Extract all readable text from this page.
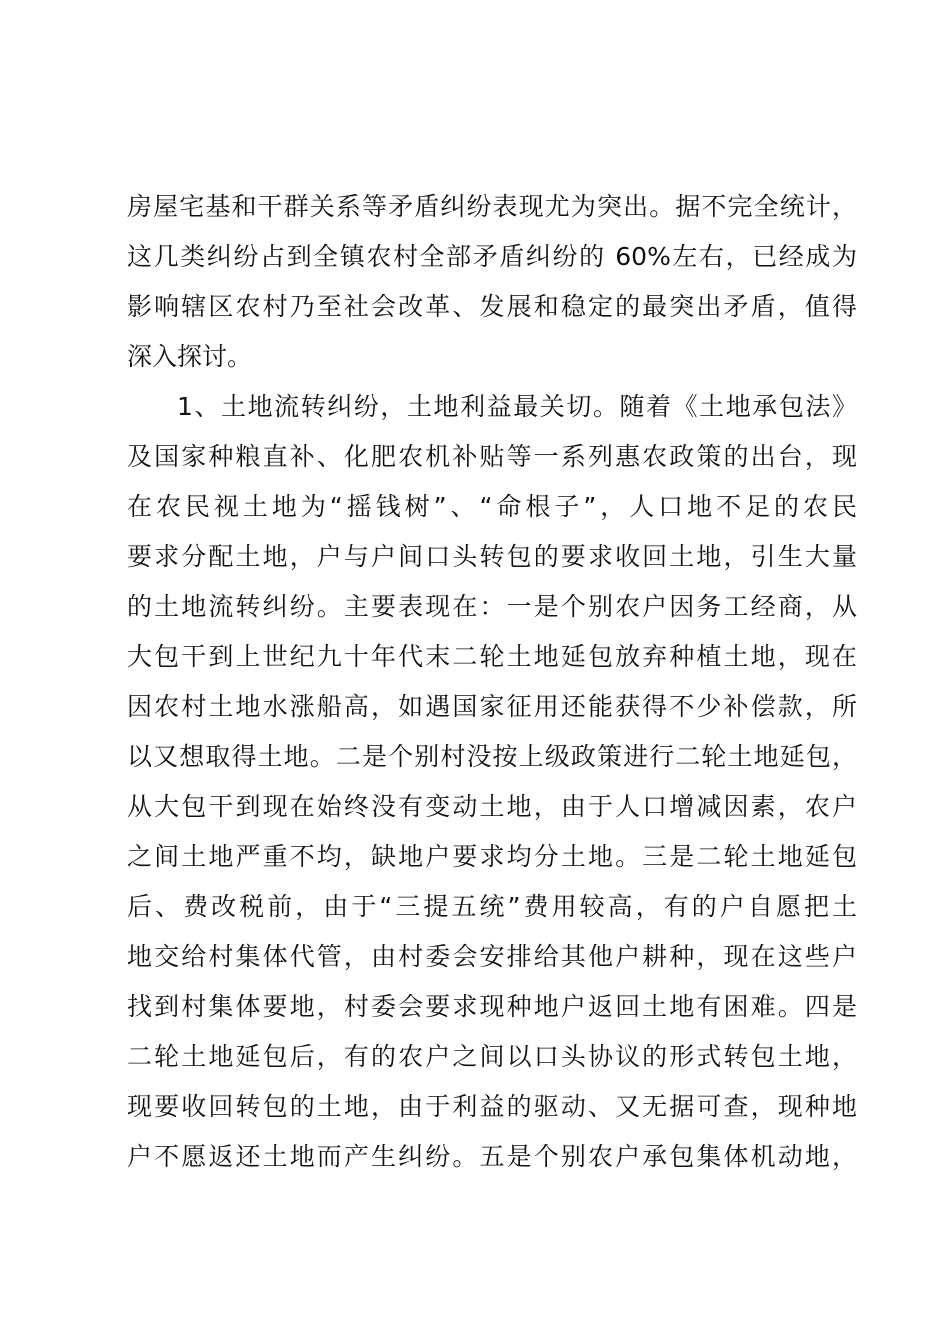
房屋宅基和干群关系等矛盾纠纷表现尤为突出。据不完全统计，
这几类纠纷占到全镇农村全部矛盾纠纷的 60%左右，已经成为
影响辖区农村乃至社会改革、发展和稳定的最突出矛盾，值得
深入探讨。
1、土地流转纠纷，土地利益最关切。随着《土地承包法》
及国家种粮直补、化肥农机补贴等一系列惠农政策的出台，现
在农民视土地为“摇钱树”、“命根子”，人口地不足的农民
要求分配土地，户与户间口头转包的要求收回土地，引生大量
的土地流转纠纷。主要表现在：一是个别农户因务工经商，从
大包干到上世纪九十年代末二轮土地延包放弃种植土地，现在
因农村土地水涨船高，如遇国家征用还能获得不少补偿款，所
以又想取得土地。二是个别村没按上级政策进行二轮土地延包，
从大包干到现在始终没有变动土地，由于人口增减因素，农户
之间土地严重不均，缺地户要求均分土地。三是二轮土地延包
后、费改税前，由于“三提五统”费用较高，有的户自愿把土
地交给村集体代管，由村委会安排给其他户耕种，现在这些户
找到村集体要地，村委会要求现种地户返回土地有困难。四是
二轮土地延包后，有的农户之间以口头协议的形式转包土地，
现要收回转包的土地，由于利益的驱动、又无据可查，现种地
户不愿返还土地而产生纠纷。五是个别农户承包集体机动地，
